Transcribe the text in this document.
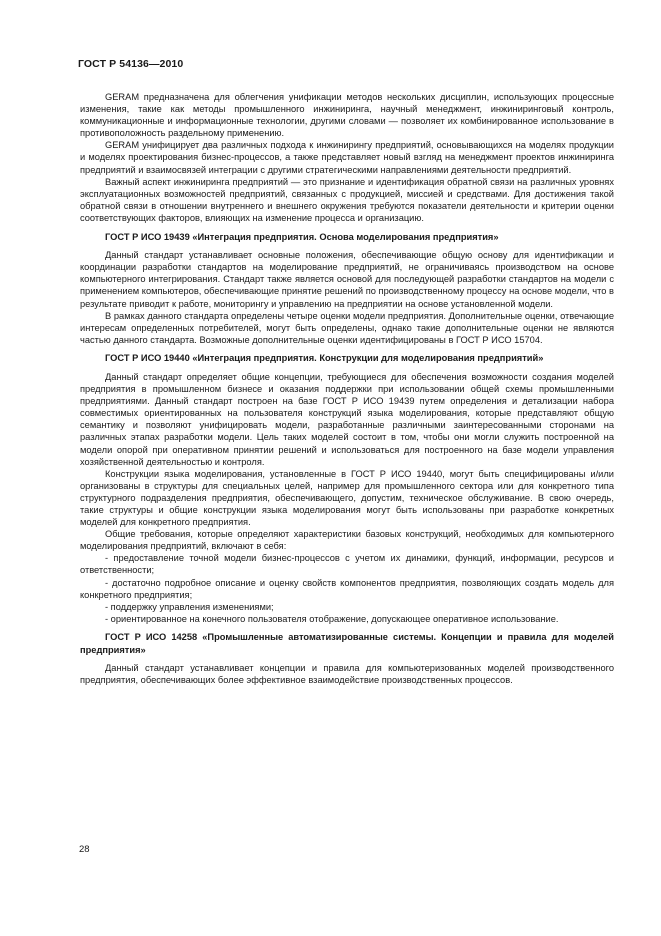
ГОСТ Р 54136—2010

GERAM предназначена для облегчения унификации методов нескольких дисциплин, использующих процессные изменения, такие как методы промышленного инжиниринга, научный менеджмент, инжиниринговый контроль, коммуникационные и информационные технологии, другими словами — позволяет их комбинированное использование в противоположность раздельному применению.

GERAM унифицирует два различных подхода к инжинирингу предприятий, основывающихся на моделях продукции и моделях проектирования бизнес-процессов, а также представляет новый взгляд на менеджмент проектов инжиниринга предприятий и взаимосвязей интеграции с другими стратегическими направлениями деятельности предприятий.

Важный аспект инжиниринга предприятий — это признание и идентификация обратной связи на различных уровнях эксплуатационных возможностей предприятий, связанных с продукцией, миссией и средствами. Для достижения такой обратной связи в отношении внутреннего и внешнего окружения требуются показатели деятельности и критерии оценки соответствующих факторов, влияющих на изменение процесса и организацию.

ГОСТ Р ИСО 19439 «Интеграция предприятия. Основа моделирования предприятия»

Данный стандарт устанавливает основные положения, обеспечивающие общую основу для идентификации и координации разработки стандартов на моделирование предприятий, не ограничиваясь производством на основе компьютерного интегрирования. Стандарт также является основой для последующей разработки стандартов на модели с применением компьютеров, обеспечивающие принятие решений по производственному процессу на основе модели, что в результате приводит к работе, мониторингу и управлению на предприятии на основе установленной модели.

В рамках данного стандарта определены четыре оценки модели предприятия. Дополнительные оценки, отвечающие интересам определенных потребителей, могут быть определены, однако такие дополнительные оценки не являются частью данного стандарта. Возможные дополнительные оценки идентифицированы в ГОСТ Р ИСО 15704.

ГОСТ Р ИСО 19440 «Интеграция предприятия. Конструкции для моделирования предприятий»

Данный стандарт определяет общие концепции, требующиеся для обеспечения возможности создания моделей предприятия в промышленном бизнесе и оказания поддержки при использовании общей схемы промышленными предприятиями. Данный стандарт построен на базе ГОСТ Р ИСО 19439 путем определения и детализации набора совместимых ориентированных на пользователя конструкций языка моделирования, которые представляют общую семантику и позволяют унифицировать модели, разработанные различными заинтересованными сторонами на различных этапах разработки модели. Цель таких моделей состоит в том, чтобы они могли служить построенной на модели опорой при оперативном принятии решений и использоваться для построенного на базе модели управления хозяйственной деятельностью и контроля.

Конструкции языка моделирования, установленные в ГОСТ Р ИСО 19440, могут быть специфицированы и/или организованы в структуры для специальных целей, например для промышленного сектора или для конкретного типа структурного подразделения предприятия, обеспечивающего, допустим, техническое обслуживание. В свою очередь, такие структуры и общие конструкции языка моделирования могут быть использованы при разработке конкретных моделей для конкретного предприятия.

Общие требования, которые определяют характеристики базовых конструкций, необходимых для компьютерного моделирования предприятий, включают в себя:

- предоставление точной модели бизнес-процессов с учетом их динамики, функций, информации, ресурсов и ответственности;

- достаточно подробное описание и оценку свойств компонентов предприятия, позволяющих создать модель для конкретного предприятия;

- поддержку управления изменениями;

- ориентированное на конечного пользователя отображение, допускающее оперативное использование.

ГОСТ Р ИСО 14258 «Промышленные автоматизированные системы. Концепции и правила для моделей предприятия»

Данный стандарт устанавливает концепции и правила для компьютеризованных моделей производственного предприятия, обеспечивающих более эффективное взаимодействие производственных процессов.

28
